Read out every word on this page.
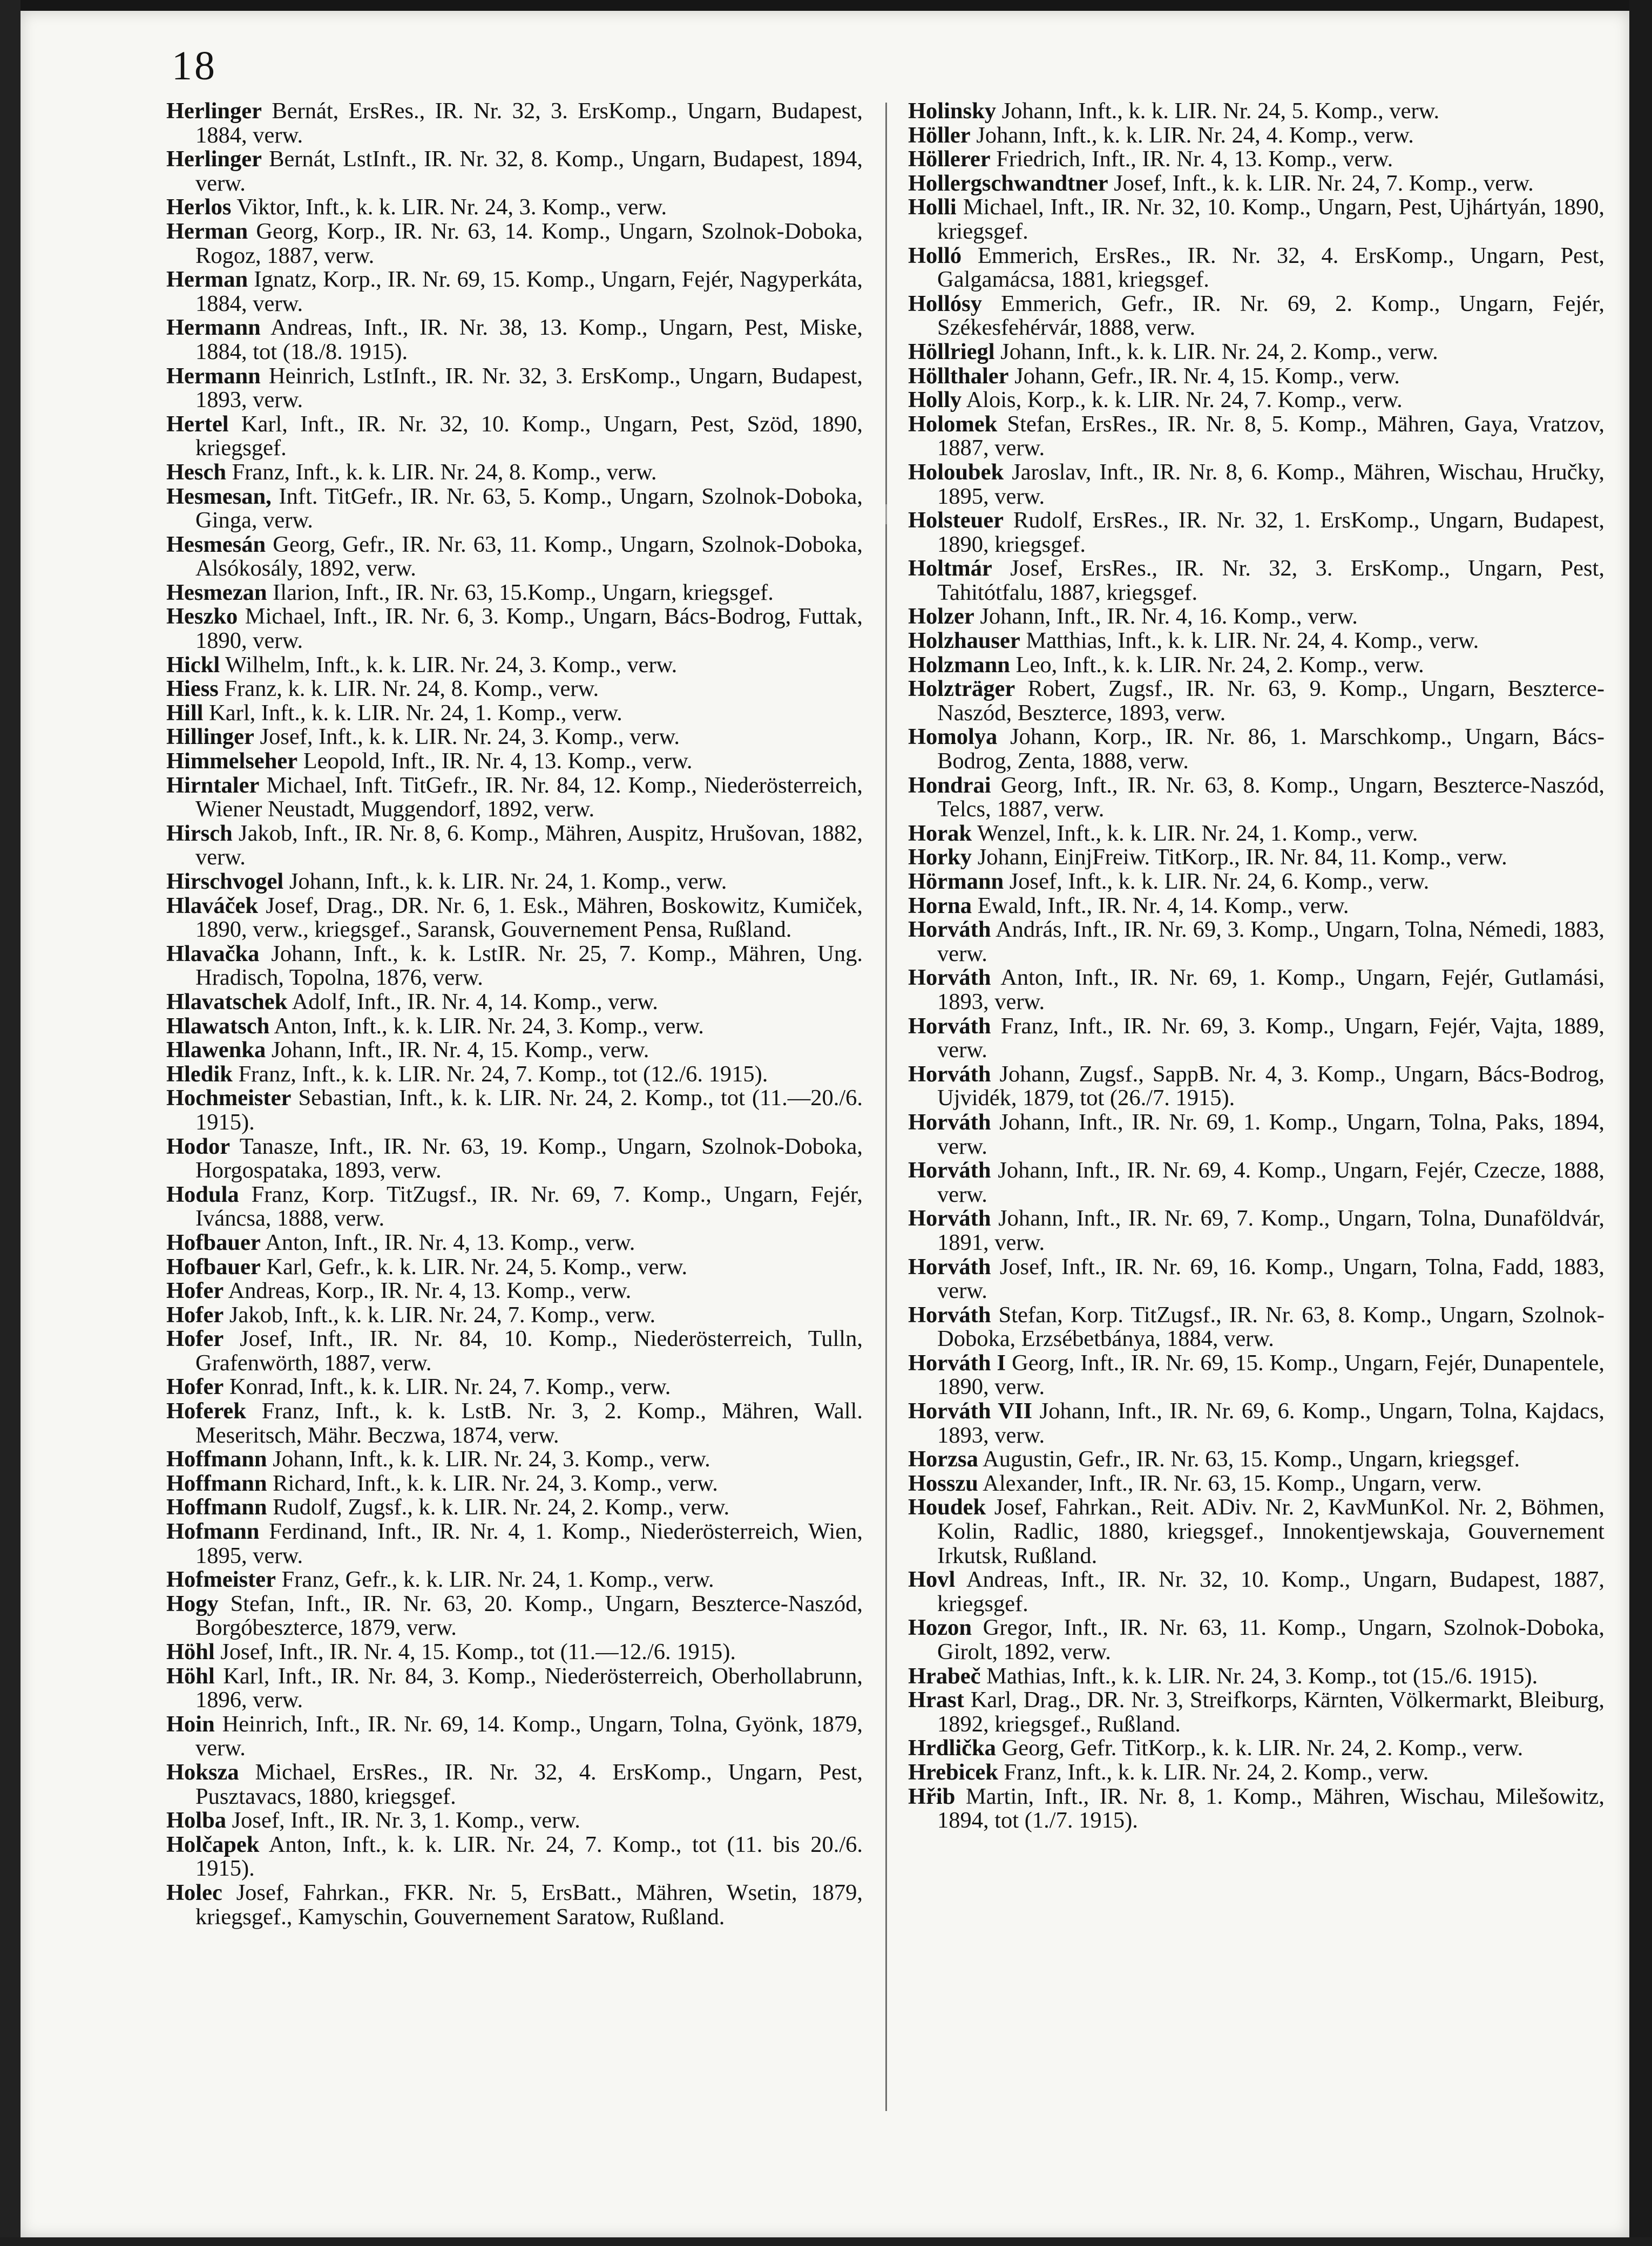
18

Herlinger Bernát, ErsRes., IR. Nr. 32, 3. ErsKomp., Ungarn, Budapest, 1884, verw.

Herlinger Bernát, LstInft., IR. Nr. 32, 8. Komp., Ungarn, Budapest, 1894, verw.

Herlos Viktor, Inft., k. k. LIR. Nr. 24, 3. Komp., verw.

Herman Georg, Korp., IR. Nr. 63, 14. Komp., Ungarn, Szolnok-Doboka, Rogoz, 1887, verw.

Herman Ignatz, Korp., IR. Nr. 69, 15. Komp., Ungarn, Fejér, Nagyperkáta, 1884, verw.

Hermann Andreas, Inft., IR. Nr. 38, 13. Komp., Ungarn, Pest, Miske, 1884, tot (18./8. 1915).

Hermann Heinrich, LstInft., IR. Nr. 32, 3. ErsKomp., Ungarn, Budapest, 1893, verw.

Hertel Karl, Inft., IR. Nr. 32, 10. Komp., Ungarn, Pest, Szöd, 1890, kriegsgef.

Hesch Franz, Inft., k. k. LIR. Nr. 24, 8. Komp., verw.

Hesmesan, Inft. TitGefr., IR. Nr. 63, 5. Komp., Ungarn, Szolnok-Doboka, Ginga, verw.

Hesmesán Georg, Gefr., IR. Nr. 63, 11. Komp., Ungarn, Szolnok-Doboka, Alsókosály, 1892, verw.

Hesmezan Ilarion, Inft., IR. Nr. 63, 15.Komp., Ungarn, kriegsgef.

Heszko Michael, Inft., IR. Nr. 6, 3. Komp., Ungarn, Bács-Bodrog, Futtak, 1890, verw.

Hickl Wilhelm, Inft., k. k. LIR. Nr. 24, 3. Komp., verw.

Hiess Franz, k. k. LIR. Nr. 24, 8. Komp., verw.

Hill Karl, Inft., k. k. LIR. Nr. 24, 1. Komp., verw.

Hillinger Josef, Inft., k. k. LIR. Nr. 24, 3. Komp., verw.

Himmelseher Leopold, Inft., IR. Nr. 4, 13. Komp., verw.

Hirntaler Michael, Inft. TitGefr., IR. Nr. 84, 12. Komp., Niederösterreich, Wiener Neustadt, Muggendorf, 1892, verw.

Hirsch Jakob, Inft., IR. Nr. 8, 6. Komp., Mähren, Auspitz, Hrušovan, 1882, verw.

Hirschvogel Johann, Inft., k. k. LIR. Nr. 24, 1. Komp., verw.

Hlaváček Josef, Drag., DR. Nr. 6, 1. Esk., Mähren, Boskowitz, Kumiček, 1890, verw., kriegsgef., Saransk, Gouvernement Pensa, Rußland.

Hlavačka Johann, Inft., k. k. LstIR. Nr. 25, 7. Komp., Mähren, Ung. Hradisch, Topolna, 1876, verw.

Hlavatschek Adolf, Inft., IR. Nr. 4, 14. Komp., verw.

Hlawatsch Anton, Inft., k. k. LIR. Nr. 24, 3. Komp., verw.

Hlawenka Johann, Inft., IR. Nr. 4, 15. Komp., verw.

Hledik Franz, Inft., k. k. LIR. Nr. 24, 7. Komp., tot (12./6. 1915).

Hochmeister Sebastian, Inft., k. k. LIR. Nr. 24, 2. Komp., tot (11.—20./6. 1915).

Hodor Tanasze, Inft., IR. Nr. 63, 19. Komp., Ungarn, Szolnok-Doboka, Horgospataka, 1893, verw.

Hodula Franz, Korp. TitZugsf., IR. Nr. 69, 7. Komp., Ungarn, Fejér, Iváncsa, 1888, verw.

Hofbauer Anton, Inft., IR. Nr. 4, 13. Komp., verw.

Hofbauer Karl, Gefr., k. k. LIR. Nr. 24, 5. Komp., verw.

Hofer Andreas, Korp., IR. Nr. 4, 13. Komp., verw.

Hofer Jakob, Inft., k. k. LIR. Nr. 24, 7. Komp., verw.

Hofer Josef, Inft., IR. Nr. 84, 10. Komp., Niederösterreich, Tulln, Grafenwörth, 1887, verw.

Hofer Konrad, Inft., k. k. LIR. Nr. 24, 7. Komp., verw.

Hoferek Franz, Inft., k. k. LstB. Nr. 3, 2. Komp., Mähren, Wall. Meseritsch, Mähr. Beczwa, 1874, verw.

Hoffmann Johann, Inft., k. k. LIR. Nr. 24, 3. Komp., verw.

Hoffmann Richard, Inft., k. k. LIR. Nr. 24, 3. Komp., verw.

Hoffmann Rudolf, Zugsf., k. k. LIR. Nr. 24, 2. Komp., verw.

Hofmann Ferdinand, Inft., IR. Nr. 4, 1. Komp., Niederösterreich, Wien, 1895, verw.

Hofmeister Franz, Gefr., k. k. LIR. Nr. 24, 1. Komp., verw.

Hogy Stefan, Inft., IR. Nr. 63, 20. Komp., Ungarn, Beszterce-Naszód, Borgóbeszterce, 1879, verw.

Höhl Josef, Inft., IR. Nr. 4, 15. Komp., tot (11.—12./6. 1915).

Höhl Karl, Inft., IR. Nr. 84, 3. Komp., Niederösterreich, Oberhollabrunn, 1896, verw.

Hoin Heinrich, Inft., IR. Nr. 69, 14. Komp., Ungarn, Tolna, Gyönk, 1879, verw.

Hoksza Michael, ErsRes., IR. Nr. 32, 4. ErsKomp., Ungarn, Pest, Pusztavacs, 1880, kriegsgef.

Holba Josef, Inft., IR. Nr. 3, 1. Komp., verw.

Holčapek Anton, Inft., k. k. LIR. Nr. 24, 7. Komp., tot (11. bis 20./6. 1915).

Holec Josef, Fahrkan., FKR. Nr. 5, ErsBatt., Mähren, Wsetin, 1879, kriegsgef., Kamyschin, Gouvernement Saratow, Rußland.

Holinsky Johann, Inft., k. k. LIR. Nr. 24, 5. Komp., verw.

Höller Johann, Inft., k. k. LIR. Nr. 24, 4. Komp., verw.

Höllerer Friedrich, Inft., IR. Nr. 4, 13. Komp., verw.

Hollergschwandtner Josef, Inft., k. k. LIR. Nr. 24, 7. Komp., verw.

Holli Michael, Inft., IR. Nr. 32, 10. Komp., Ungarn, Pest, Ujhártyán, 1890, kriegsgef.

Holló Emmerich, ErsRes., IR. Nr. 32, 4. ErsKomp., Ungarn, Pest, Galgamácsa, 1881, kriegsgef.

Hollósy Emmerich, Gefr., IR. Nr. 69, 2. Komp., Ungarn, Fejér, Székesfehérvár, 1888, verw.

Höllriegl Johann, Inft., k. k. LIR. Nr. 24, 2. Komp., verw.

Höllthaler Johann, Gefr., IR. Nr. 4, 15. Komp., verw.

Holly Alois, Korp., k. k. LIR. Nr. 24, 7. Komp., verw.

Holomek Stefan, ErsRes., IR. Nr. 8, 5. Komp., Mähren, Gaya, Vratzov, 1887, verw.

Holoubek Jaroslav, Inft., IR. Nr. 8, 6. Komp., Mähren, Wischau, Hručky, 1895, verw.

Holsteuer Rudolf, ErsRes., IR. Nr. 32, 1. ErsKomp., Ungarn, Budapest, 1890, kriegsgef.

Holtmár Josef, ErsRes., IR. Nr. 32, 3. ErsKomp., Ungarn, Pest, Tahitótfalu, 1887, kriegsgef.

Holzer Johann, Inft., IR. Nr. 4, 16. Komp., verw.

Holzhauser Matthias, Inft., k. k. LIR. Nr. 24, 4. Komp., verw.

Holzmann Leo, Inft., k. k. LIR. Nr. 24, 2. Komp., verw.

Holzträger Robert, Zugsf., IR. Nr. 63, 9. Komp., Ungarn, Beszterce-Naszód, Beszterce, 1893, verw.

Homolya Johann, Korp., IR. Nr. 86, 1. Marschkomp., Ungarn, Bács-Bodrog, Zenta, 1888, verw.

Hondrai Georg, Inft., IR. Nr. 63, 8. Komp., Ungarn, Beszterce-Naszód, Telcs, 1887, verw.

Horak Wenzel, Inft., k. k. LIR. Nr. 24, 1. Komp., verw.

Horky Johann, EinjFreiw. TitKorp., IR. Nr. 84, 11. Komp., verw.

Hörmann Josef, Inft., k. k. LIR. Nr. 24, 6. Komp., verw.

Horna Ewald, Inft., IR. Nr. 4, 14. Komp., verw.

Horváth András, Inft., IR. Nr. 69, 3. Komp., Ungarn, Tolna, Némedi, 1883, verw.

Horváth Anton, Inft., IR. Nr. 69, 1. Komp., Ungarn, Fejér, Gutlamási, 1893, verw.

Horváth Franz, Inft., IR. Nr. 69, 3. Komp., Ungarn, Fejér, Vajta, 1889, verw.

Horváth Johann, Zugsf., SappB. Nr. 4, 3. Komp., Ungarn, Bács-Bodrog, Ujvidék, 1879, tot (26./7. 1915).

Horváth Johann, Inft., IR. Nr. 69, 1. Komp., Ungarn, Tolna, Paks, 1894, verw.

Horváth Johann, Inft., IR. Nr. 69, 4. Komp., Ungarn, Fejér, Czecze, 1888, verw.

Horváth Johann, Inft., IR. Nr. 69, 7. Komp., Ungarn, Tolna, Dunaföldvár, 1891, verw.

Horváth Josef, Inft., IR. Nr. 69, 16. Komp., Ungarn, Tolna, Fadd, 1883, verw.

Horváth Stefan, Korp. TitZugsf., IR. Nr. 63, 8. Komp., Ungarn, Szolnok-Doboka, Erzsébetbánya, 1884, verw.

Horváth I Georg, Inft., IR. Nr. 69, 15. Komp., Ungarn, Fejér, Dunapentele, 1890, verw.

Horváth VII Johann, Inft., IR. Nr. 69, 6. Komp., Ungarn, Tolna, Kajdacs, 1893, verw.

Horzsa Augustin, Gefr., IR. Nr. 63, 15. Komp., Ungarn, kriegsgef.

Hosszu Alexander, Inft., IR. Nr. 63, 15. Komp., Ungarn, verw.

Houdek Josef, Fahrkan., Reit. ADiv. Nr. 2, KavMunKol. Nr. 2, Böhmen, Kolin, Radlic, 1880, kriegsgef., Innokentjewskaja, Gouvernement Irkutsk, Rußland.

Hovl Andreas, Inft., IR. Nr. 32, 10. Komp., Ungarn, Budapest, 1887, kriegsgef.

Hozon Gregor, Inft., IR. Nr. 63, 11. Komp., Ungarn, Szolnok-Doboka, Girolt, 1892, verw.

Hrabeč Mathias, Inft., k. k. LIR. Nr. 24, 3. Komp., tot (15./6. 1915).

Hrast Karl, Drag., DR. Nr. 3, Streifkorps, Kärnten, Völkermarkt, Bleiburg, 1892, kriegsgef., Rußland.

Hrdlička Georg, Gefr. TitKorp., k. k. LIR. Nr. 24, 2. Komp., verw.

Hrebicek Franz, Inft., k. k. LIR. Nr. 24, 2. Komp., verw.

Hřib Martin, Inft., IR. Nr. 8, 1. Komp., Mähren, Wischau, Milešowitz, 1894, tot (1./7. 1915).
